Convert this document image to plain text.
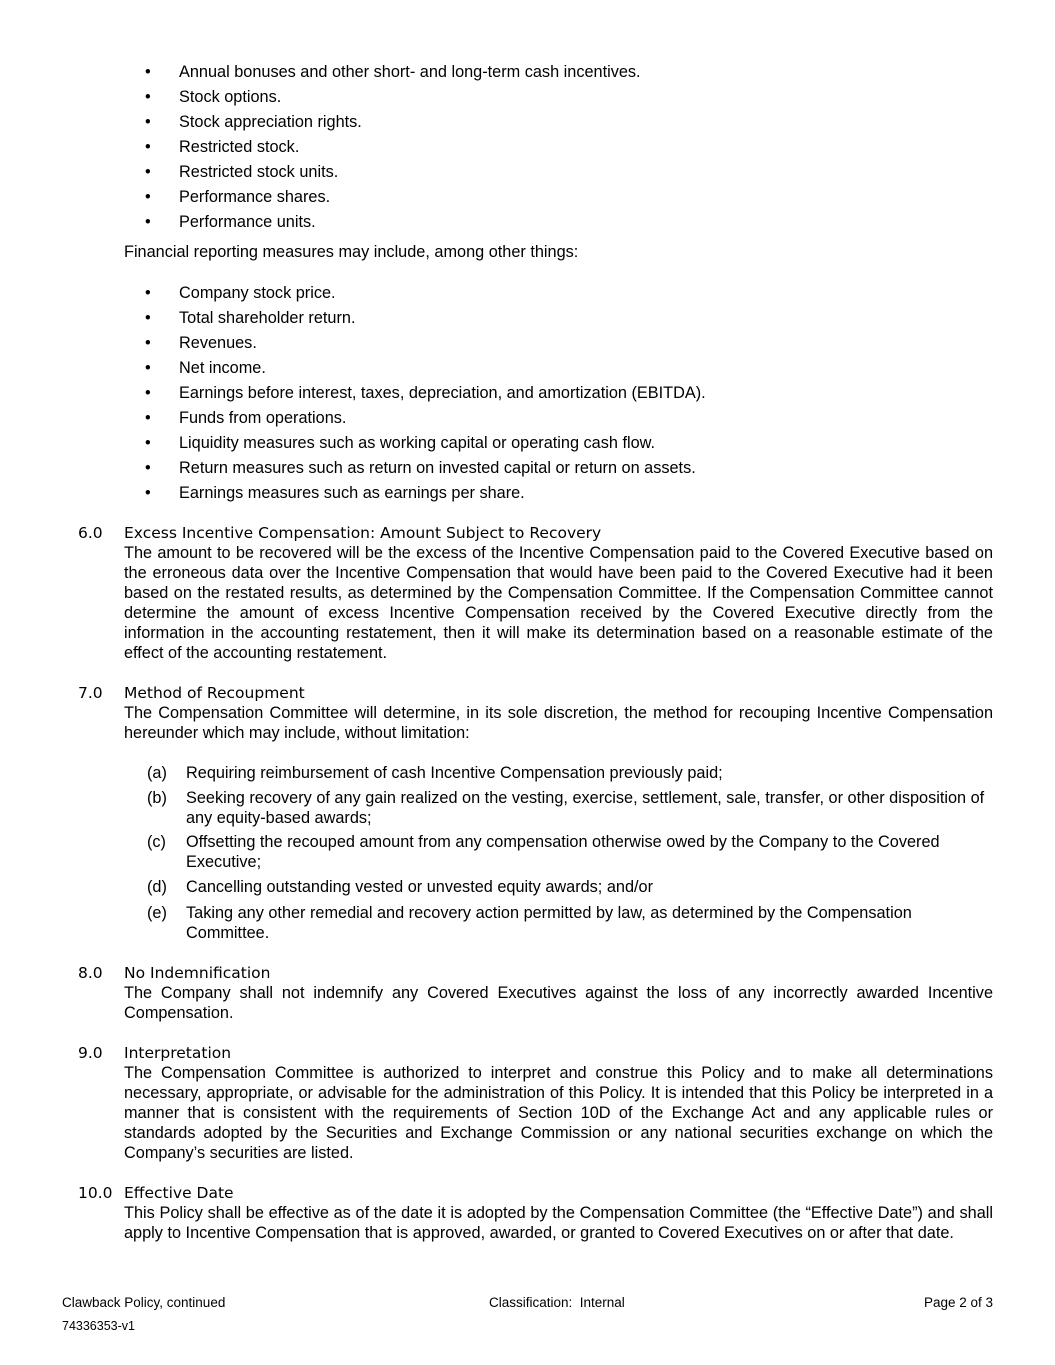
• Annual bonuses and other short- and long-term cash incentives.
• Stock options.
• Stock appreciation rights.
• Restricted stock.
• Restricted stock units.
• Performance shares.
• Performance units.

Financial reporting measures may include, among other things:

• Company stock price.
• Total shareholder return.
• Revenues.
• Net income.
• Earnings before interest, taxes, depreciation, and amortization (EBITDA).
• Funds from operations.
• Liquidity measures such as working capital or operating cash flow.
• Return measures such as return on invested capital or return on assets.
• Earnings measures such as earnings per share.
6.0 Excess Incentive Compensation: Amount Subject to Recovery

The amount to be recovered will be the excess of the Incentive Compensation paid to the Covered Executive based on the erroneous data over the Incentive Compensation that would have been paid to the Covered Executive had it been based on the restated results, as determined by the Compensation Committee. If the Compensation Committee cannot determine the amount of excess Incentive Compensation received by the Covered Executive directly from the information in the accounting restatement, then it will make its determination based on a reasonable estimate of the effect of the accounting restatement.

7.0 Method of Recoupment

The Compensation Committee will determine, in its sole discretion, the method for recouping Incentive Compensation hereunder which may include, without limitation:

(a) Requiring reimbursement of cash Incentive Compensation previously paid;
(b) Seeking recovery of any gain realized on the vesting, exercise, settlement, sale, transfer, or other disposition of any equity-based awards;
(c) Offsetting the recouped amount from any compensation otherwise owed by the Company to the Covered Executive;
(d) Cancelling outstanding vested or unvested equity awards; and/or
(e) Taking any other remedial and recovery action permitted by law, as determined by the Compensation Committee.
8.0 No Indemnification

The Company shall not indemnify any Covered Executives against the loss of any incorrectly awarded Incentive Compensation.

9.0 Interpretation

The Compensation Committee is authorized to interpret and construe this Policy and to make all determinations necessary, appropriate, or advisable for the administration of this Policy. It is intended that this Policy be interpreted in a manner that is consistent with the requirements of Section 10D of the Exchange Act and any applicable rules or standards adopted by the Securities and Exchange Commission or any national securities exchange on which the Company’s securities are listed.

10.0 Effective Date

This Policy shall be effective as of the date it is adopted by the Compensation Committee (the “Effective Date”) and shall apply to Incentive Compensation that is approved, awarded, or granted to Covered Executives on or after that date.

Clawback Policy, continued	Classification:  Internal	Page 2 of 3
74336353-v1
